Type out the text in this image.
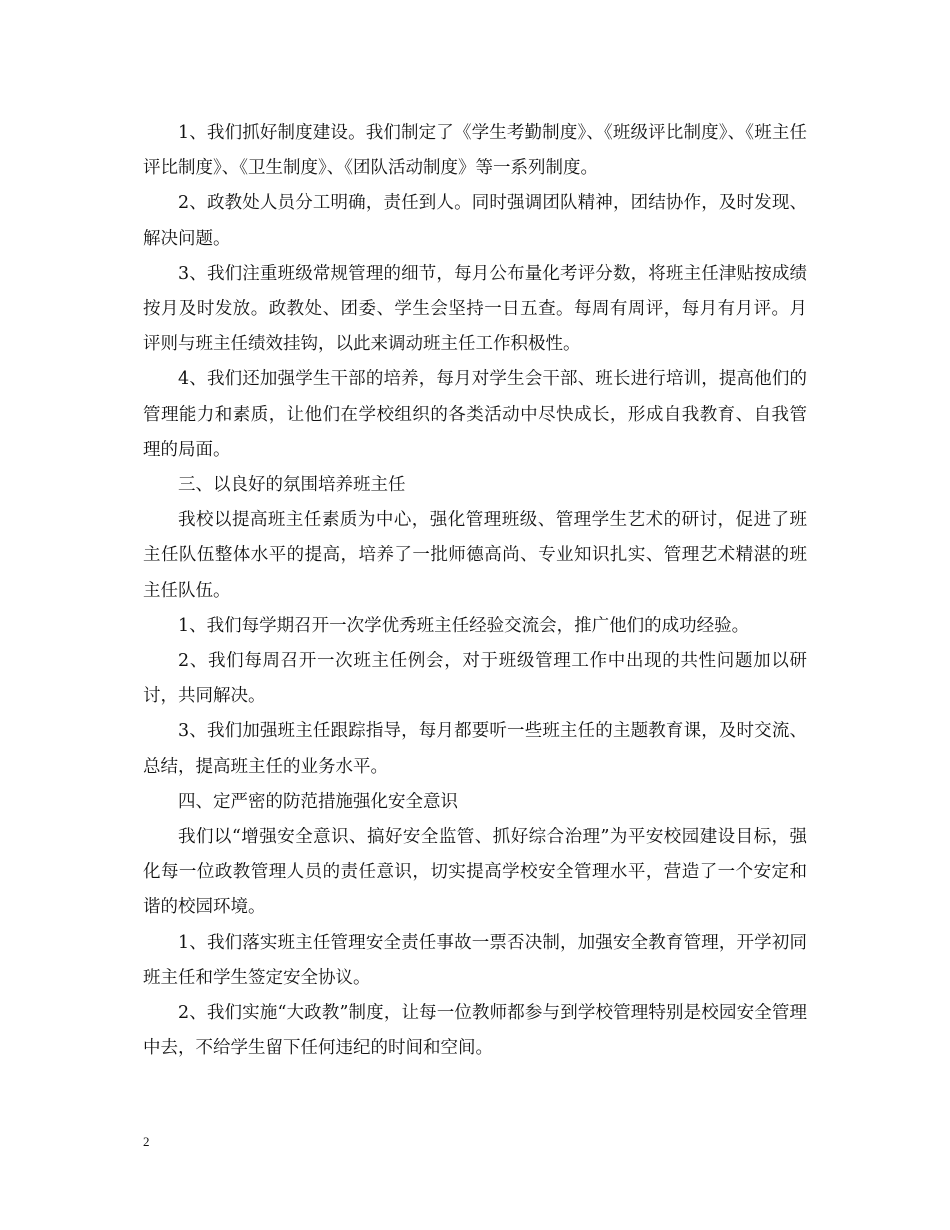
1、我们抓好制度建设。我们制定了《学生考勤制度》、《班级评比制度》、《班主任评比制度》、《卫生制度》、《团队活动制度》等一系列制度。

2、政教处人员分工明确，责任到人。同时强调团队精神，团结协作，及时发现、解决问题。

3、我们注重班级常规管理的细节，每月公布量化考评分数，将班主任津贴按成绩按月及时发放。政教处、团委、学生会坚持一日五查。每周有周评，每月有月评。月评则与班主任绩效挂钩，以此来调动班主任工作积极性。

4、我们还加强学生干部的培养，每月对学生会干部、班长进行培训，提高他们的管理能力和素质，让他们在学校组织的各类活动中尽快成长，形成自我教育、自我管理的局面。

三、以良好的氛围培养班主任

我校以提高班主任素质为中心，强化管理班级、管理学生艺术的研讨，促进了班主任队伍整体水平的提高，培养了一批师德高尚、专业知识扎实、管理艺术精湛的班主任队伍。

1、我们每学期召开一次学优秀班主任经验交流会，推广他们的成功经验。

2、我们每周召开一次班主任例会，对于班级管理工作中出现的共性问题加以研讨，共同解决。

3、我们加强班主任跟踪指导，每月都要听一些班主任的主题教育课，及时交流、总结，提高班主任的业务水平。

四、定严密的防范措施强化安全意识

我们以“增强安全意识、搞好安全监管、抓好综合治理”为平安校园建设目标，强化每一位政教管理人员的责任意识，切实提高学校安全管理水平，营造了一个安定和谐的校园环境。

1、我们落实班主任管理安全责任事故一票否决制，加强安全教育管理，开学初同班主任和学生签定安全协议。

2、我们实施“大政教”制度，让每一位教师都参与到学校管理特别是校园安全管理中去，不给学生留下任何违纪的时间和空间。

2
